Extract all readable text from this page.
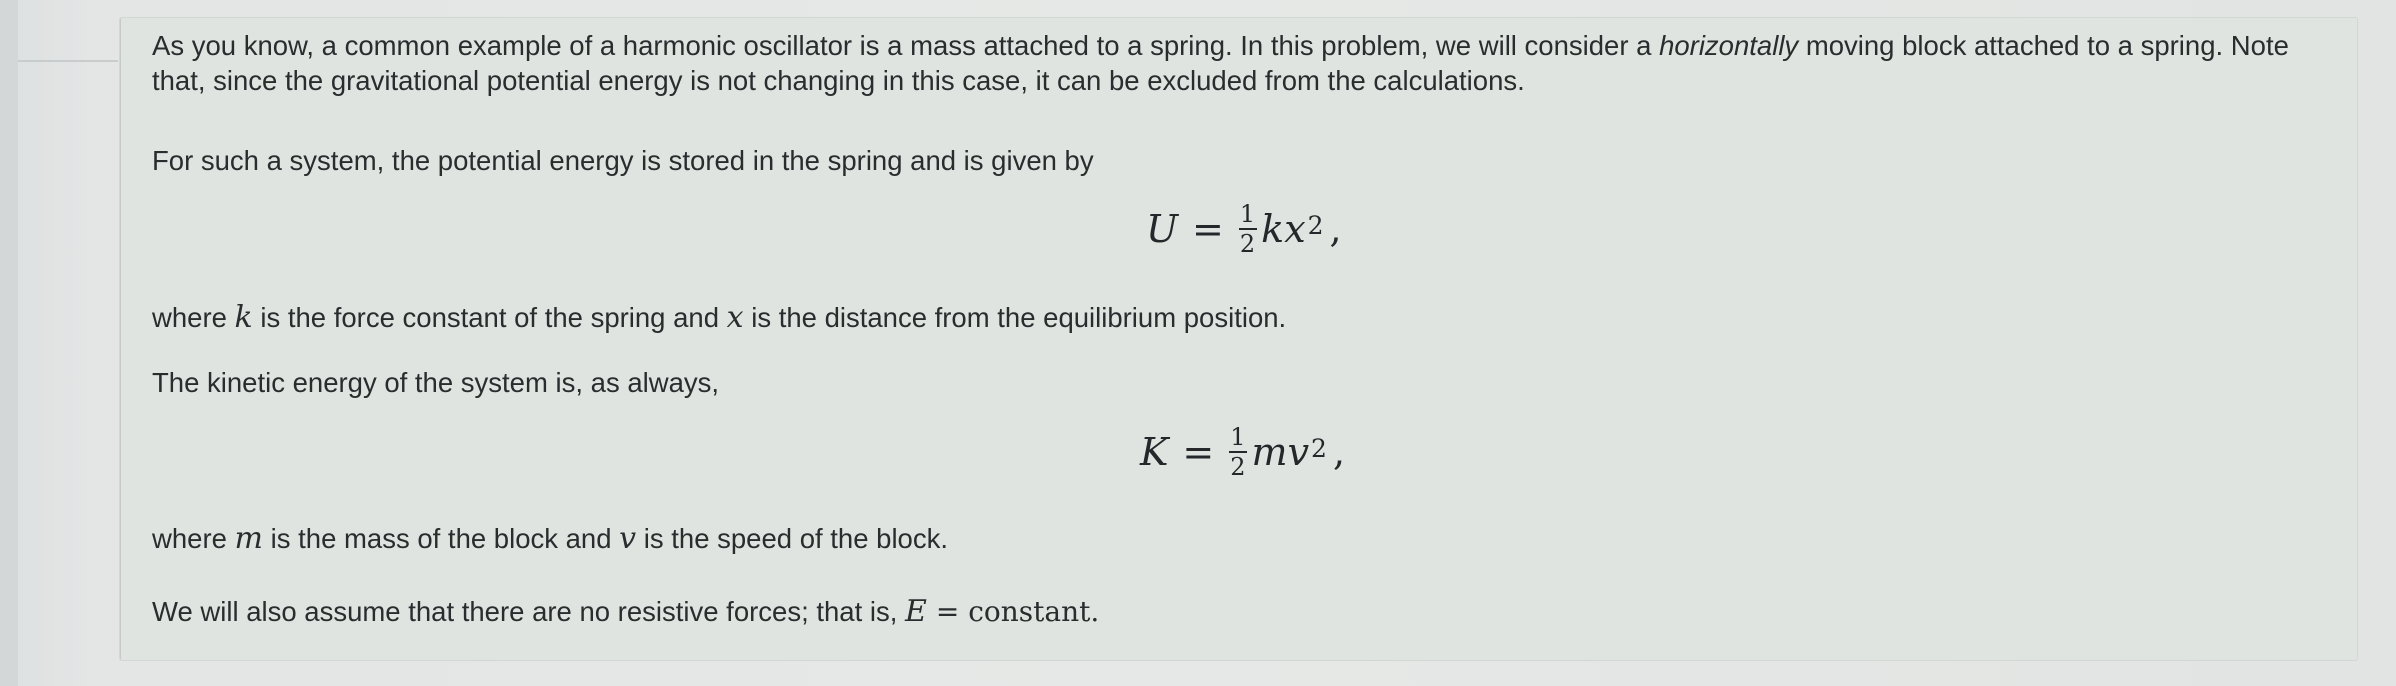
As you know, a common example of a harmonic oscillator is a mass attached to a spring. In this problem, we will consider a horizontally moving block attached to a spring. Note that, since the gravitational potential energy is not changing in this case, it can be excluded from the calculations.

For such a system, the potential energy is stored in the spring and is given by

where k is the force constant of the spring and x is the distance from the equilibrium position.

The kinetic energy of the system is, as always,

where m is the mass of the block and v is the speed of the block.

We will also assume that there are no resistive forces; that is, E = constant.

$U = \frac{1}{2}$ k $x^2$ ,
$K = \frac{1}{2}$ m $v^2$ ,
